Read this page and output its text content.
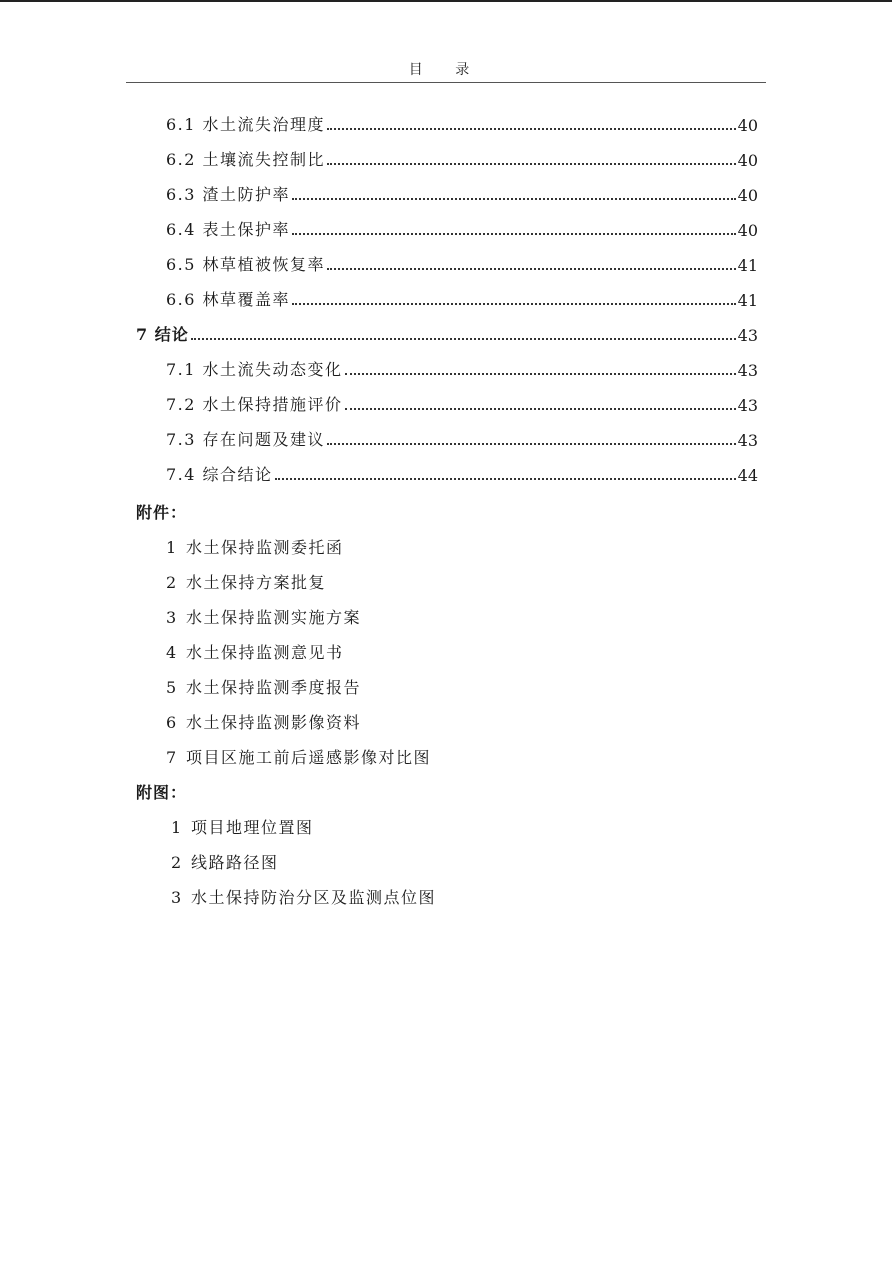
目 录
6.1 水土流失治理度	40
6.2 土壤流失控制比	40
6.3 渣土防护率	40
6.4 表土保护率	40
6.5 林草植被恢复率	41
6.6 林草覆盖率	41
7 结论	43
7.1 水土流失动态变化	43
7.2 水土保持措施评价	43
7.3 存在问题及建议	43
7.4 综合结论	44
附件：
1 水土保持监测委托函
2 水土保持方案批复
3 水土保持监测实施方案
4 水土保持监测意见书
5 水土保持监测季度报告
6 水土保持监测影像资料
7 项目区施工前后遥感影像对比图
附图：
1 项目地理位置图
2 线路路径图
3 水土保持防治分区及监测点位图
